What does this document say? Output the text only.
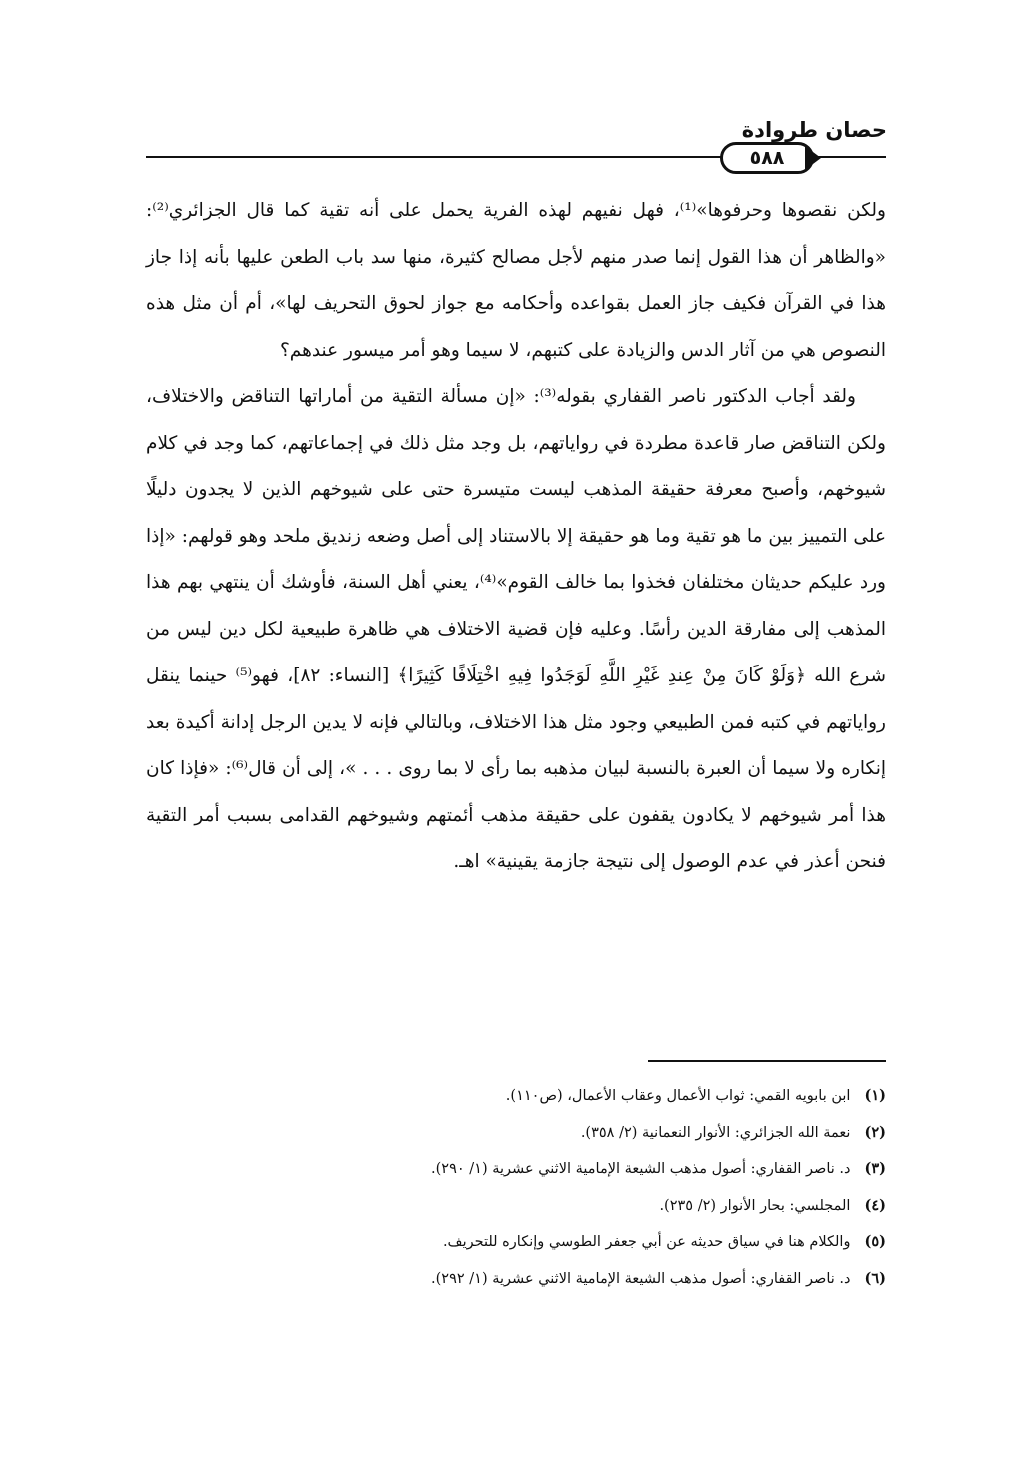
حصان طروادة
٥٨٨

ولكن نقصوها وحرفوها»⁽¹⁾، فهل نفيهم لهذه الفرية يحمل على أنه تقية كما قال الجزائري⁽²⁾: «والظاهر أن هذا القول إنما صدر منهم لأجل مصالح كثيرة، منها سد باب الطعن عليها بأنه إذا جاز هذا في القرآن فكيف جاز العمل بقواعده وأحكامه مع جواز لحوق التحريف لها»، أم أن مثل هذه النصوص هي من آثار الدس والزيادة على كتبهم، لا سيما وهو أمر ميسور عندهم؟

ولقد أجاب الدكتور ناصر القفاري بقوله⁽³⁾: «إن مسألة التقية من أماراتها التناقض والاختلاف، ولكن التناقض صار قاعدة مطردة في رواياتهم، بل وجد مثل ذلك في إجماعاتهم، كما وجد في كلام شيوخهم، وأصبح معرفة حقيقة المذهب ليست متيسرة حتى على شيوخهم الذين لا يجدون دليلًا على التمييز بين ما هو تقية وما هو حقيقة إلا بالاستناد إلى أصل وضعه زنديق ملحد وهو قولهم: «إذا ورد عليكم حديثان مختلفان فخذوا بما خالف القوم»⁽⁴⁾، يعني أهل السنة، فأوشك أن ينتهي بهم هذا المذهب إلى مفارقة الدين رأسًا. وعليه فإن قضية الاختلاف هي ظاهرة طبيعية لكل دين ليس من شرع الله ﴿وَلَوْ كَانَ مِنْ عِندِ غَيْرِ اللَّهِ لَوَجَدُوا فِيهِ اخْتِلَافًا كَثِيرًا﴾ [النساء: ٨٢]، فهو⁽⁵⁾ حينما ينقل رواياتهم في كتبه فمن الطبيعي وجود مثل هذا الاختلاف، وبالتالي فإنه لا يدين الرجل إدانة أكيدة بعد إنكاره ولا سيما أن العبرة بالنسبة لبيان مذهبه بما رأى لا بما روى . . . »، إلى أن قال⁽⁶⁾: «فإذا كان هذا أمر شيوخهم لا يكادون يقفون على حقيقة مذهب أئمتهم وشيوخهم القدامى بسبب أمر التقية فنحن أعذر في عدم الوصول إلى نتيجة جازمة يقينية» اهـ.

(١)ابن بابويه القمي: ثواب الأعمال وعقاب الأعمال، (ص١١٠).
(٢)نعمة الله الجزائري: الأنوار النعمانية (٢/ ٣٥٨).
(٣)د. ناصر القفاري: أصول مذهب الشيعة الإمامية الاثني عشرية (١/ ٢٩٠).
(٤)المجلسي: بحار الأنوار (٢/ ٢٣٥).
(٥)والكلام هنا في سياق حديثه عن أبي جعفر الطوسي وإنكاره للتحريف.
(٦)د. ناصر القفاري: أصول مذهب الشيعة الإمامية الاثني عشرية (١/ ٢٩٢).
